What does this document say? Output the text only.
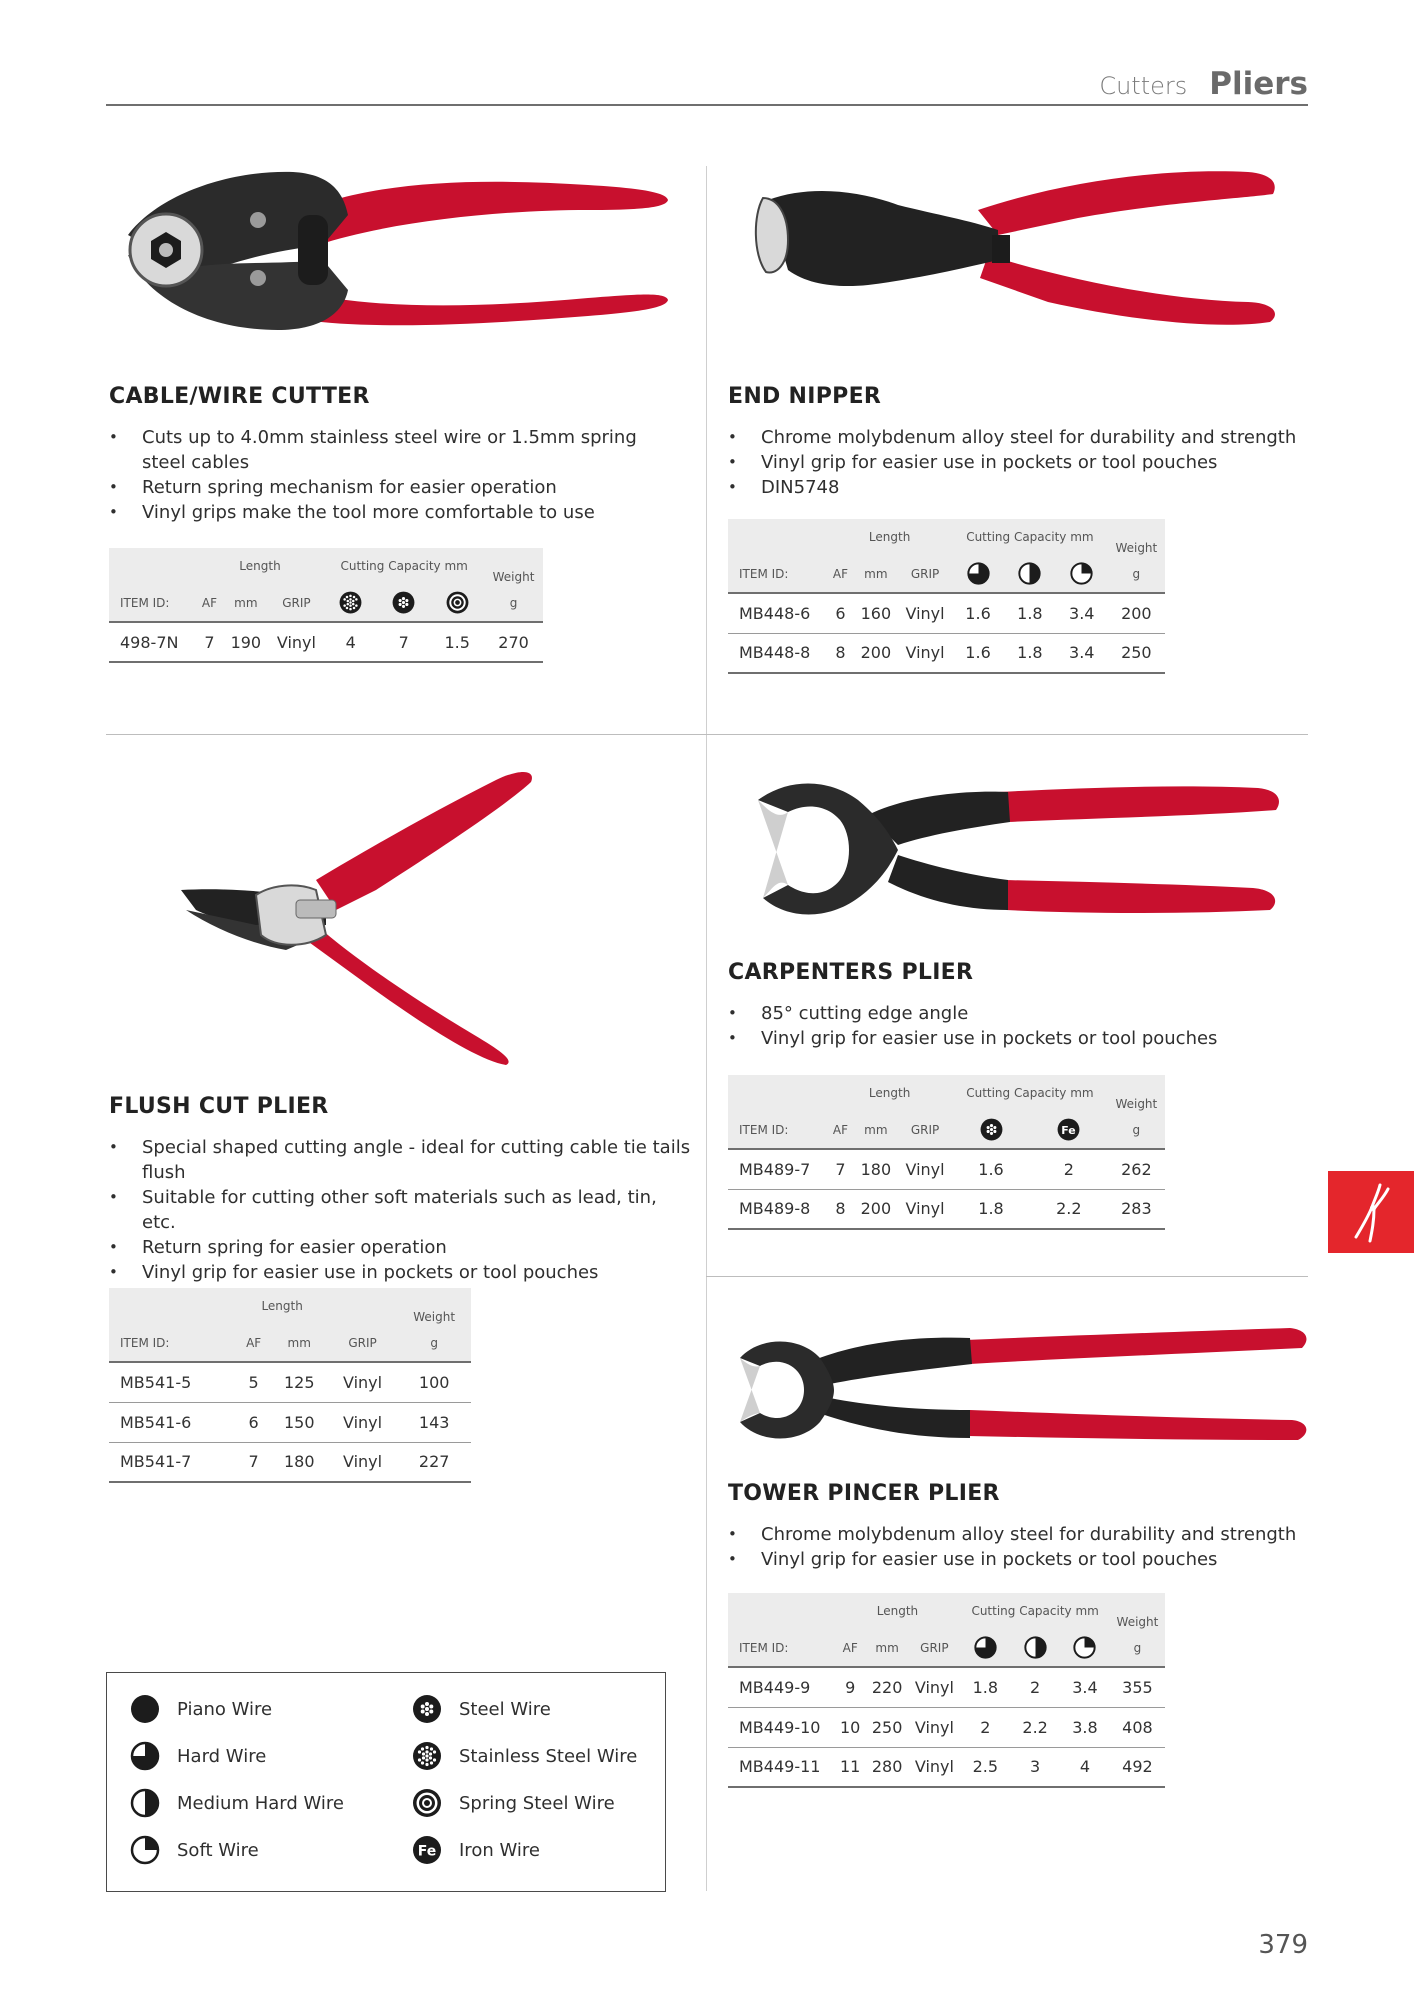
Cutters Pliers
CABLE/WIRE CUTTER
• Cuts up to 4.0mm stainless steel wire or 1.5mm spring steel cables
• Return spring mechanism for easier operation
• Vinyl grips make the tool more comfortable to use
	Length			Cutting Capacity mm			Weight
ITEM ID:	AF	mm	GRIP				g
498-7N	7	190	Vinyl	4	7	1.5	270
END NIPPER
• Chrome molybdenum alloy steel for durability and strength
• Vinyl grip for easier use in pockets or tool pouches
• DIN5748
	Length			Cutting Capacity mm			Weight
ITEM ID:	AF	mm	GRIP				g
MB448-6	6	160	Vinyl	1.6	1.8	3.4	200
MB448-8	8	200	Vinyl	1.6	1.8	3.4	250
FLUSH CUT PLIER
• Special shaped cutting angle - ideal for cutting cable tie tails flush
• Suitable for cutting other soft materials such as lead, tin, etc.
• Return spring for easier operation
• Vinyl grip for easier use in pockets or tool pouches
	Length			Weight
ITEM ID:	AF	mm	GRIP	g
MB541-5	5	125	Vinyl	100
MB541-6	6	150	Vinyl	143
MB541-7	7	180	Vinyl	227
CARPENTERS PLIER
• 85° cutting edge angle
• Vinyl grip for easier use in pockets or tool pouches
	Length			Cutting Capacity mm		Weight
ITEM ID:	AF	mm	GRIP			g
MB489-7	7	180	Vinyl	1.6	2	262
MB489-8	8	200	Vinyl	1.8	2.2	283
TOWER PINCER PLIER
• Chrome molybdenum alloy steel for durability and strength
• Vinyl grip for easier use in pockets or tool pouches
	Length			Cutting Capacity mm			Weight
ITEM ID:	AF	mm	GRIP				g
MB449-9	9	220	Vinyl	1.8	2	3.4	355
MB449-10	10	250	Vinyl	2	2.2	3.8	408
MB449-11	11	280	Vinyl	2.5	3	4	492
Piano Wire
Hard Wire
Medium Hard Wire
Soft Wire
Steel Wire
Stainless Steel Wire
Spring Steel Wire
Iron Wire
379
